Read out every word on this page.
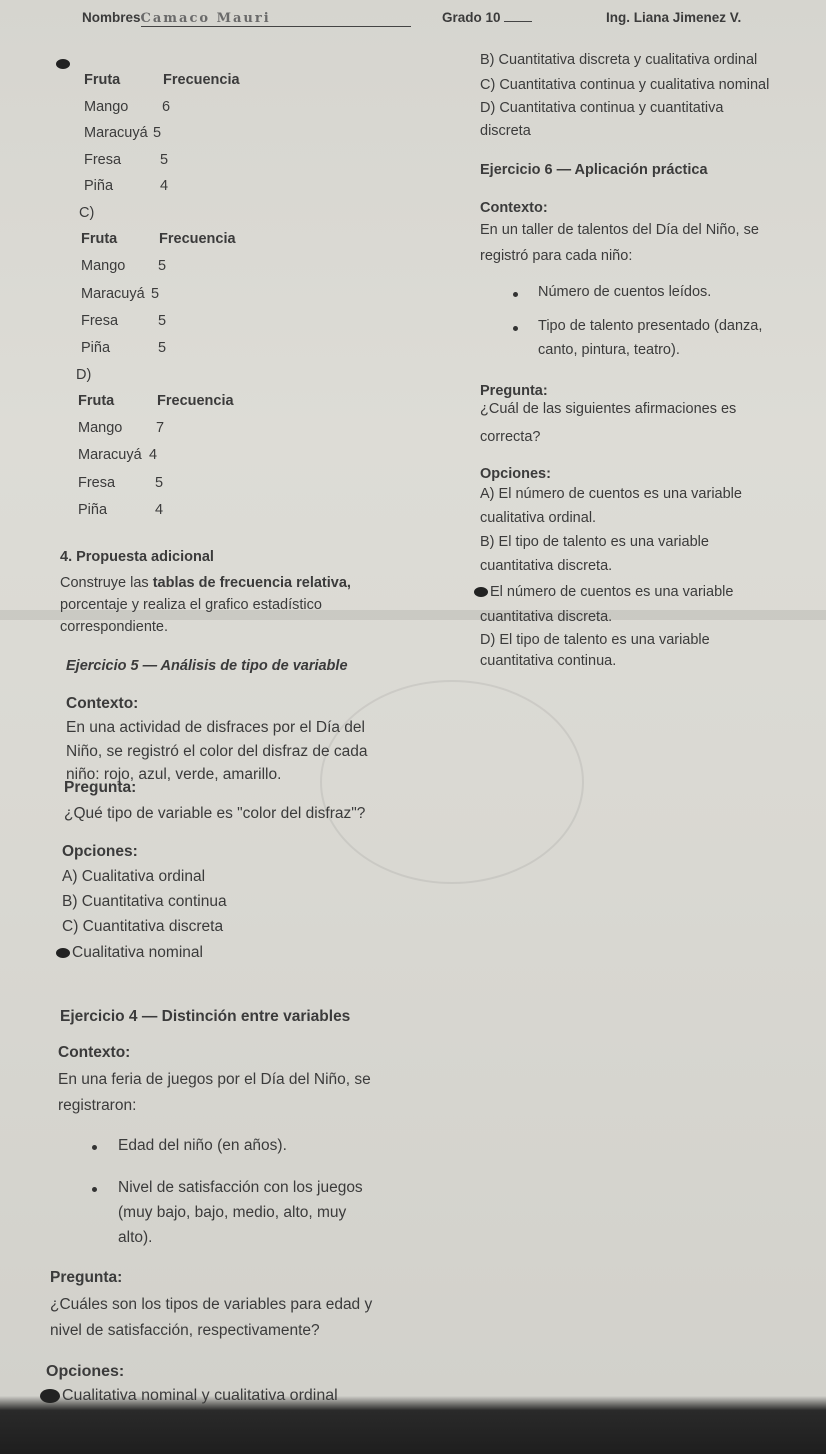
NombresCamaco Mauri	Grado 10	Ing. Liana Jimenez V.
Fruta	Frecuencia
Mango 6
Maracuyá 5
Fresa	5
Piña	4
C)
Fruta	Frecuencia
Mango 5
Maracuyá 5
Fresa	5
Piña	5
D)
Fruta	Frecuencia
Mango 7
Maracuyá 4
Fresa	5
Piña	4
4. Propuesta adicional
Construye las tablas de frecuencia relativa,
porcentaje y realiza el grafico estadístico
correspondiente.
Ejercicio 5 — Análisis de tipo de variable
Contexto:
En una actividad de disfraces por el Día del
Niño, se registró el color del disfraz de cada
niño: rojo, azul, verde, amarillo.
Pregunta:
¿Qué tipo de variable es "color del disfraz"?
Opciones:
A) Cualitativa ordinal
B) Cuantitativa continua
C) Cuantitativa discreta
Cualitativa nominal
Ejercicio 4 — Distinción entre variables
Contexto:
En una feria de juegos por el Día del Niño, se
registraron:
Edad del niño (en años).
Nivel de satisfacción con los juegos
(muy bajo, bajo, medio, alto, muy
alto).
Pregunta:
¿Cuáles son los tipos de variables para edad y
nivel de satisfacción, respectivamente?
Opciones:
Cualitativa nominal y cualitativa ordinal
B) Cuantitativa discreta y cualitativa ordinal
C) Cuantitativa continua y cualitativa nominal
D) Cuantitativa continua y cuantitativa
discreta
Ejercicio 6 — Aplicación práctica
Contexto:
En un taller de talentos del Día del Niño, se
registró para cada niño:
Número de cuentos leídos.
Tipo de talento presentado (danza,
canto, pintura, teatro).
Pregunta:
¿Cuál de las siguientes afirmaciones es
correcta?
Opciones:
A) El número de cuentos es una variable
cualitativa ordinal.
B) El tipo de talento es una variable
cuantitativa discreta.
El número de cuentos es una variable
cuantitativa discreta.
D) El tipo de talento es una variable
cuantitativa continua.
